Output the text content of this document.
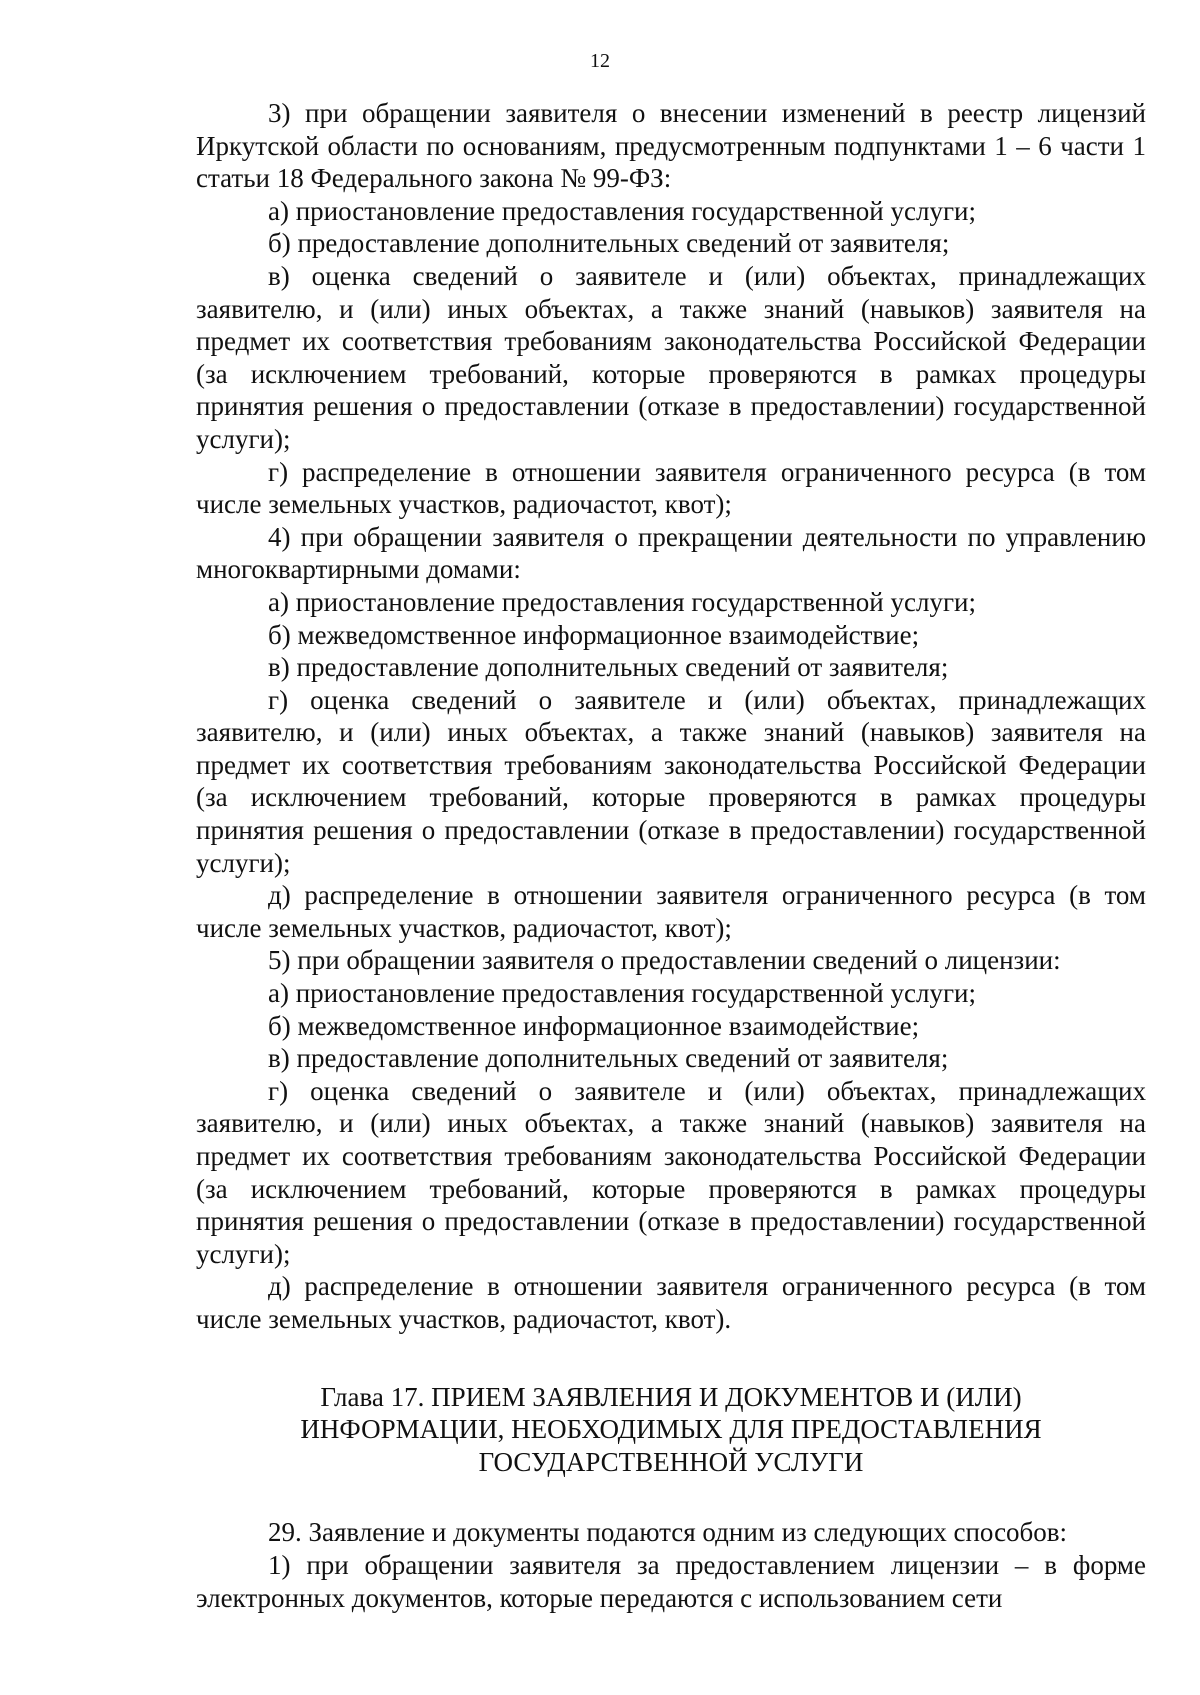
12

3) при обращении заявителя о внесении изменений в реестр лицензий Иркутской области по основаниям, предусмотренным подпунктами 1 – 6 части 1 статьи 18 Федерального закона № 99-ФЗ:

а) приостановление предоставления государственной услуги;

б) предоставление дополнительных сведений от заявителя;

в) оценка сведений о заявителе и (или) объектах, принадлежащих заявителю, и (или) иных объектах, а также знаний (навыков) заявителя на предмет их соответствия требованиям законодательства Российской Федерации (за исключением требований, которые проверяются в рамках процедуры принятия решения о предоставлении (отказе в предоставлении) государственной услуги);

г) распределение в отношении заявителя ограниченного ресурса (в том числе земельных участков, радиочастот, квот);

4) при обращении заявителя о прекращении деятельности по управлению многоквартирными домами:

а) приостановление предоставления государственной услуги;

б) межведомственное информационное взаимодействие;

в) предоставление дополнительных сведений от заявителя;

г) оценка сведений о заявителе и (или) объектах, принадлежащих заявителю, и (или) иных объектах, а также знаний (навыков) заявителя на предмет их соответствия требованиям законодательства Российской Федерации (за исключением требований, которые проверяются в рамках процедуры принятия решения о предоставлении (отказе в предоставлении) государственной услуги);

д) распределение в отношении заявителя ограниченного ресурса (в том числе земельных участков, радиочастот, квот);

5) при обращении заявителя о предоставлении сведений о лицензии:

а) приостановление предоставления государственной услуги;

б) межведомственное информационное взаимодействие;

в) предоставление дополнительных сведений от заявителя;

г) оценка сведений о заявителе и (или) объектах, принадлежащих заявителю, и (или) иных объектах, а также знаний (навыков) заявителя на предмет их соответствия требованиям законодательства Российской Федерации (за исключением требований, которые проверяются в рамках процедуры принятия решения о предоставлении (отказе в предоставлении) государственной услуги);

д) распределение в отношении заявителя ограниченного ресурса (в том числе земельных участков, радиочастот, квот).

Глава 17. ПРИЕМ ЗАЯВЛЕНИЯ И ДОКУМЕНТОВ И (ИЛИ)
ИНФОРМАЦИИ, НЕОБХОДИМЫХ ДЛЯ ПРЕДОСТАВЛЕНИЯ
ГОСУДАРСТВЕННОЙ УСЛУГИ

29. Заявление и документы подаются одним из следующих способов:

1) при обращении заявителя за предоставлением лицензии – в форме электронных документов, которые передаются с использованием сети
